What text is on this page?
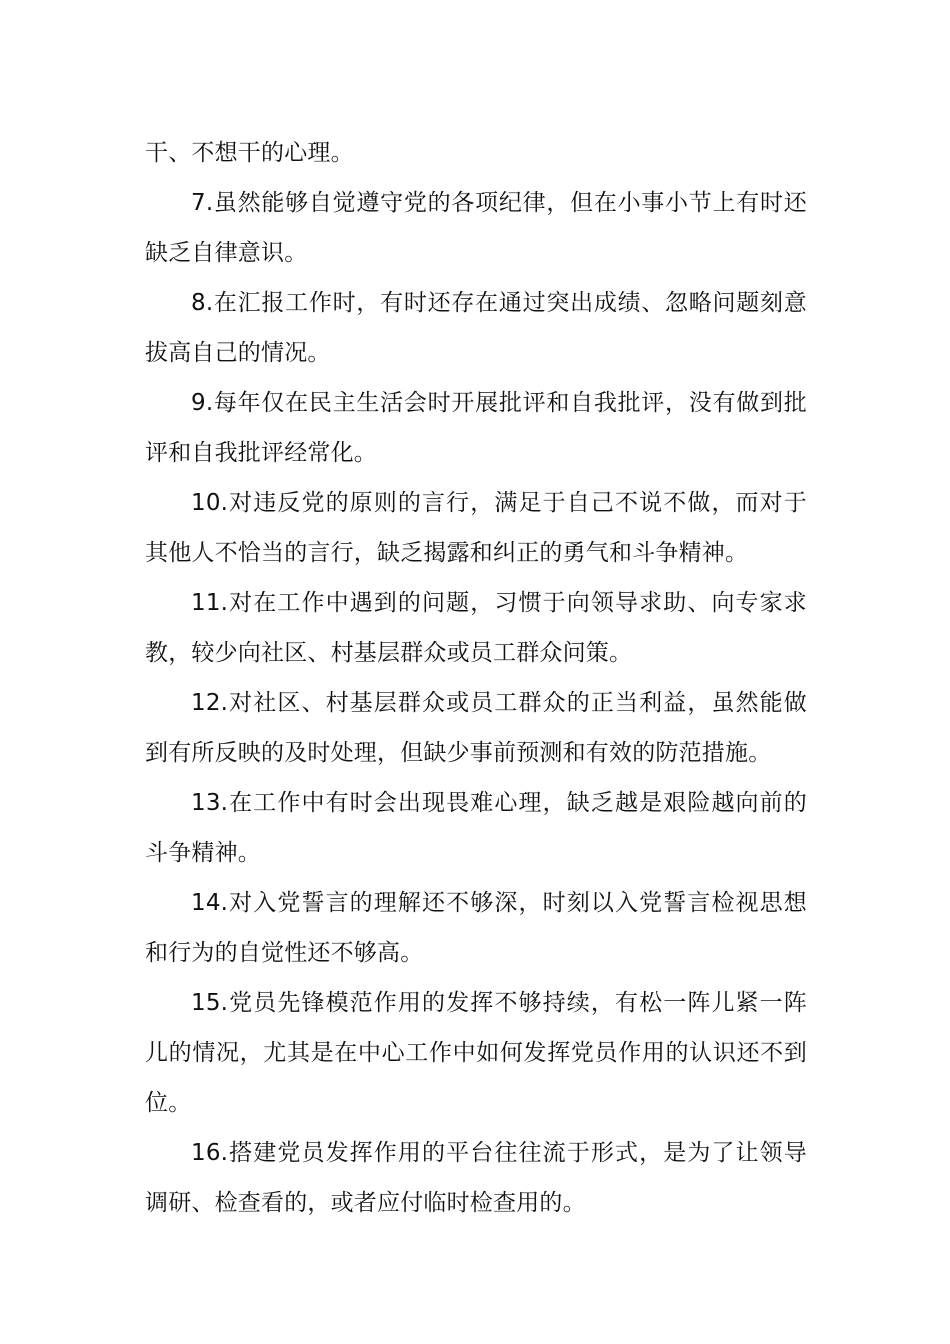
干、不想干的心理。

7.虽然能够自觉遵守党的各项纪律，但在小事小节上有时还缺乏自律意识。

8.在汇报工作时，有时还存在通过突出成绩、忽略问题刻意拔高自己的情况。

9.每年仅在民主生活会时开展批评和自我批评，没有做到批评和自我批评经常化。

10.对违反党的原则的言行，满足于自己不说不做，而对于其他人不恰当的言行，缺乏揭露和纠正的勇气和斗争精神。

11.对在工作中遇到的问题，习惯于向领导求助、向专家求教，较少向社区、村基层群众或员工群众问策。

12.对社区、村基层群众或员工群众的正当利益，虽然能做到有所反映的及时处理，但缺少事前预测和有效的防范措施。

13.在工作中有时会出现畏难心理，缺乏越是艰险越向前的斗争精神。

14.对入党誓言的理解还不够深，时刻以入党誓言检视思想和行为的自觉性还不够高。

15.党员先锋模范作用的发挥不够持续，有松一阵儿紧一阵儿的情况，尤其是在中心工作中如何发挥党员作用的认识还不到位。

16.搭建党员发挥作用的平台往往流于形式，是为了让领导调研、检查看的，或者应付临时检查用的。
